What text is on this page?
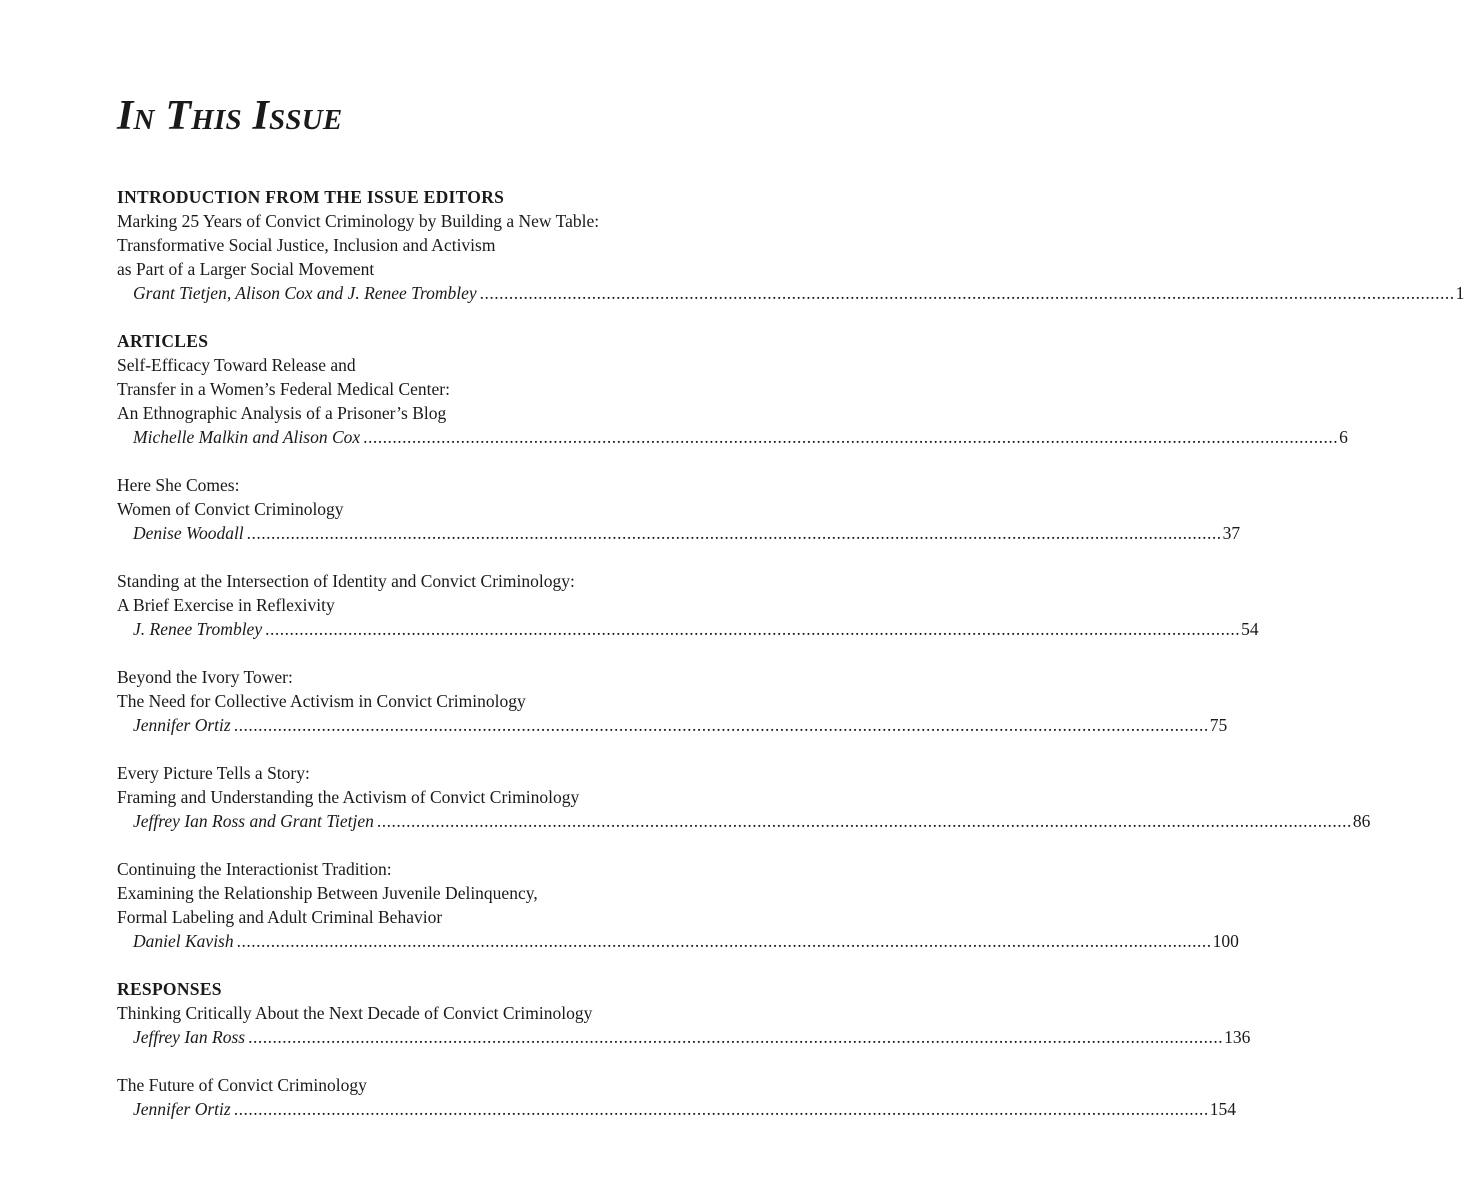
In This Issue
INTRODUCTION FROM THE ISSUE EDITORS
Marking 25 Years of Convict Criminology by Building a New Table:
Transformative Social Justice, Inclusion and Activism
as Part of a Larger Social Movement
Grant Tietjen, Alison Cox and J. Renee Trombley ........................................................................................................................................................................................................ 1
ARTICLES
Self-Efficacy Toward Release and
Transfer in a Women’s Federal Medical Center:
An Ethnographic Analysis of a Prisoner’s Blog
Michelle Malkin and Alison Cox ........................................................................................................................................................................................................ 6
Here She Comes:
Women of Convict Criminology
Denise Woodall ........................................................................................................................................................................................................ 37
Standing at the Intersection of Identity and Convict Criminology:
A Brief Exercise in Reflexivity
J. Renee Trombley ........................................................................................................................................................................................................ 54
Beyond the Ivory Tower:
The Need for Collective Activism in Convict Criminology
Jennifer Ortiz ........................................................................................................................................................................................................ 75
Every Picture Tells a Story:
Framing and Understanding the Activism of Convict Criminology
Jeffrey Ian Ross and Grant Tietjen ........................................................................................................................................................................................................ 86
Continuing the Interactionist Tradition:
Examining the Relationship Between Juvenile Delinquency,
Formal Labeling and Adult Criminal Behavior
Daniel Kavish ........................................................................................................................................................................................................ 100
RESPONSES
Thinking Critically About the Next Decade of Convict Criminology
Jeffrey Ian Ross ........................................................................................................................................................................................................ 136
The Future of Convict Criminology
Jennifer Ortiz ........................................................................................................................................................................................................ 154
